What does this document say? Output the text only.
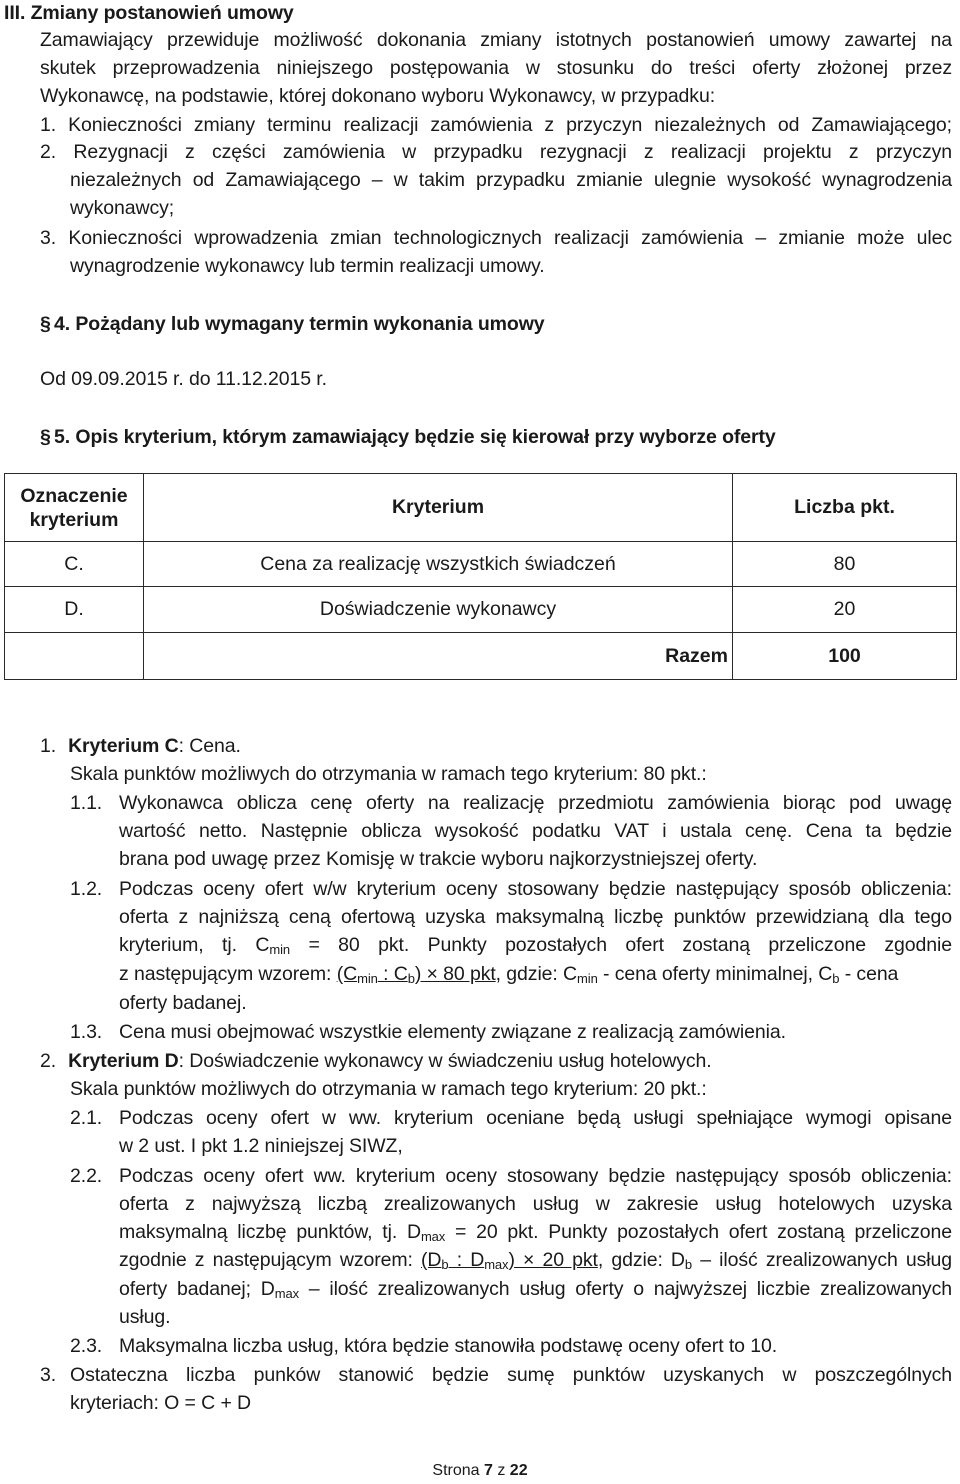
III. Zmiany postanowień umowy
Zamawiający przewiduje możliwość dokonania zmiany istotnych postanowień umowy zawartej na
skutek przeprowadzenia niniejszego postępowania w stosunku do treści oferty złożonej przez
Wykonawcę, na podstawie, której dokonano wyboru Wykonawcy, w przypadku:
1. Konieczności zmiany terminu realizacji zamówienia z przyczyn niezależnych od Zamawiającego;
2. Rezygnacji z części zamówienia w przypadku rezygnacji z realizacji projektu z przyczyn
niezależnych od Zamawiającego – w takim przypadku zmianie ulegnie wysokość wynagrodzenia
wykonawcy;
3. Konieczności wprowadzenia zmian technologicznych realizacji zamówienia – zmianie może ulec
wynagrodzenie wykonawcy lub termin realizacji umowy.
§ 4. Pożądany lub wymagany termin wykonania umowy
Od 09.09.2015 r. do 11.12.2015 r.
§ 5. Opis kryterium, którym zamawiający będzie się kierował przy wyborze oferty
Oznaczenie
kryterium	Kryterium	Liczba pkt.
C.	Cena za realizację wszystkich świadczeń	80
D.	Doświadczenie wykonawcy	20
	Razem	100
1. Kryterium C: Cena.
Skala punktów możliwych do otrzymania w ramach tego kryterium: 80 pkt.:
1.1. Wykonawca oblicza cenę oferty na realizację przedmiotu zamówienia biorąc pod uwagę
wartość netto. Następnie oblicza wysokość podatku VAT i ustala cenę. Cena ta będzie
brana pod uwagę przez Komisję w trakcie wyboru najkorzystniejszej oferty.
1.2. Podczas oceny ofert w/w kryterium oceny stosowany będzie następujący sposób obliczenia:
oferta z najniższą ceną ofertową uzyska maksymalną liczbę punktów przewidzianą dla tego
kryterium, tj. $C_{min} = 80$ pkt. Punkty pozostałych ofert zostaną przeliczone zgodnie
z następującym wzorem: ($C_{min}$ : $C_b) \times 80$ pkt, gdzie: $C_{min}$ - cena oferty minimalnej, $C_b$ - cena
oferty badanej.
1.3. Cena musi obejmować wszystkie elementy związane z realizacją zamówienia.
2. Kryterium D: Doświadczenie wykonawcy w świadczeniu usług hotelowych.
Skala punktów możliwych do otrzymania w ramach tego kryterium: 20 pkt.:
2.1. Podczas oceny ofert w ww. kryterium oceniane będą usługi spełniające wymogi opisane
w 2 ust. I pkt 1.2 niniejszej SIWZ,
2.2. Podczas oceny ofert ww. kryterium oceny stosowany będzie następujący sposób obliczenia:
oferta z najwyższą liczbą zrealizowanych usług w zakresie usług hotelowych uzyska
maksymalną liczbę punktów, tj. $D_{max} = 20$ pkt. Punkty pozostałych ofert zostaną przeliczone
zgodnie z następującym wzorem: ($D_b$ : $D_{max}) \times 20$ pkt, gdzie: $D_b$ – ilość zrealizowanych usług
oferty badanej; $D_{max}$ – ilość zrealizowanych usług oferty o najwyższej liczbie zrealizowanych
usług.
2.3. Maksymalna liczba usług, która będzie stanowiła podstawę oceny ofert to 10.
3. Ostateczna liczba punków stanowić będzie sumę punktów uzyskanych w poszczególnych
kryteriach: O = C + D
Strona 7 z 22
